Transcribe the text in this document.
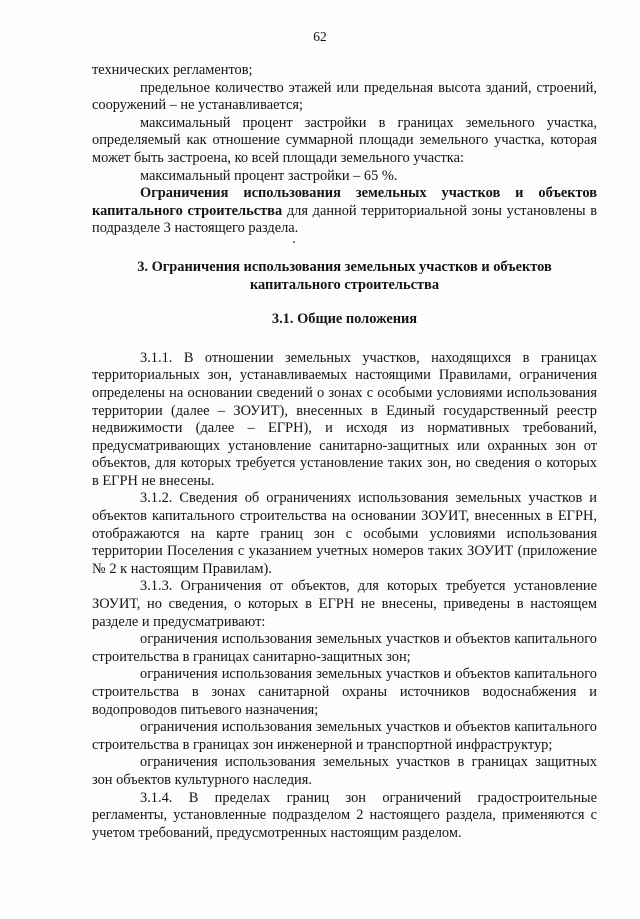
62

технических регламентов;

предельное количество этажей или предельная высота зданий, строений, сооружений – не устанавливается;

максимальный процент застройки в границах земельного участка, определяемый как отношение суммарной площади земельного участка, которая может быть застроена, ко всей площади земельного участка:

максимальный процент застройки – 65 %.

Ограничения использования земельных участков и объектов капитального строительства для данной территориальной зоны установлены в подразделе 3 настоящего раздела.

3. Ограничения использования земельных участков и объектов капитального строительства
3.1. Общие положения

3.1.1. В отношении земельных участков, находящихся в границах территориальных зон, устанавливаемых настоящими Правилами, ограничения определены на основании сведений о зонах с особыми условиями использования территории (далее – ЗОУИТ), внесенных в Единый государственный реестр недвижимости (далее – ЕГРН), и исходя из нормативных требований, предусматривающих установление санитарно-защитных или охранных зон от объектов, для которых требуется установление таких зон, но сведения о которых в ЕГРН не внесены.

3.1.2. Сведения об ограничениях использования земельных участков и объектов капитального строительства на основании ЗОУИТ, внесенных в ЕГРН, отображаются на карте границ зон с особыми условиями использования территории Поселения с указанием учетных номеров таких ЗОУИТ (приложение № 2 к настоящим Правилам).

3.1.3. Ограничения от объектов, для которых требуется установление ЗОУИТ, но сведения, о которых в ЕГРН не внесены, приведены в настоящем разделе и предусматривают:

ограничения использования земельных участков и объектов капитального строительства в границах санитарно-защитных зон;

ограничения использования земельных участков и объектов капитального строительства в зонах санитарной охраны источников водоснабжения и водопроводов питьевого назначения;

ограничения использования земельных участков и объектов капитального строительства в границах зон инженерной и транспортной инфраструктур;

ограничения использования земельных участков в границах защитных зон объектов культурного наследия.

3.1.4. В пределах границ зон ограничений градостроительные регламенты, установленные подразделом 2 настоящего раздела, применяются с учетом требований, предусмотренных настоящим разделом.
